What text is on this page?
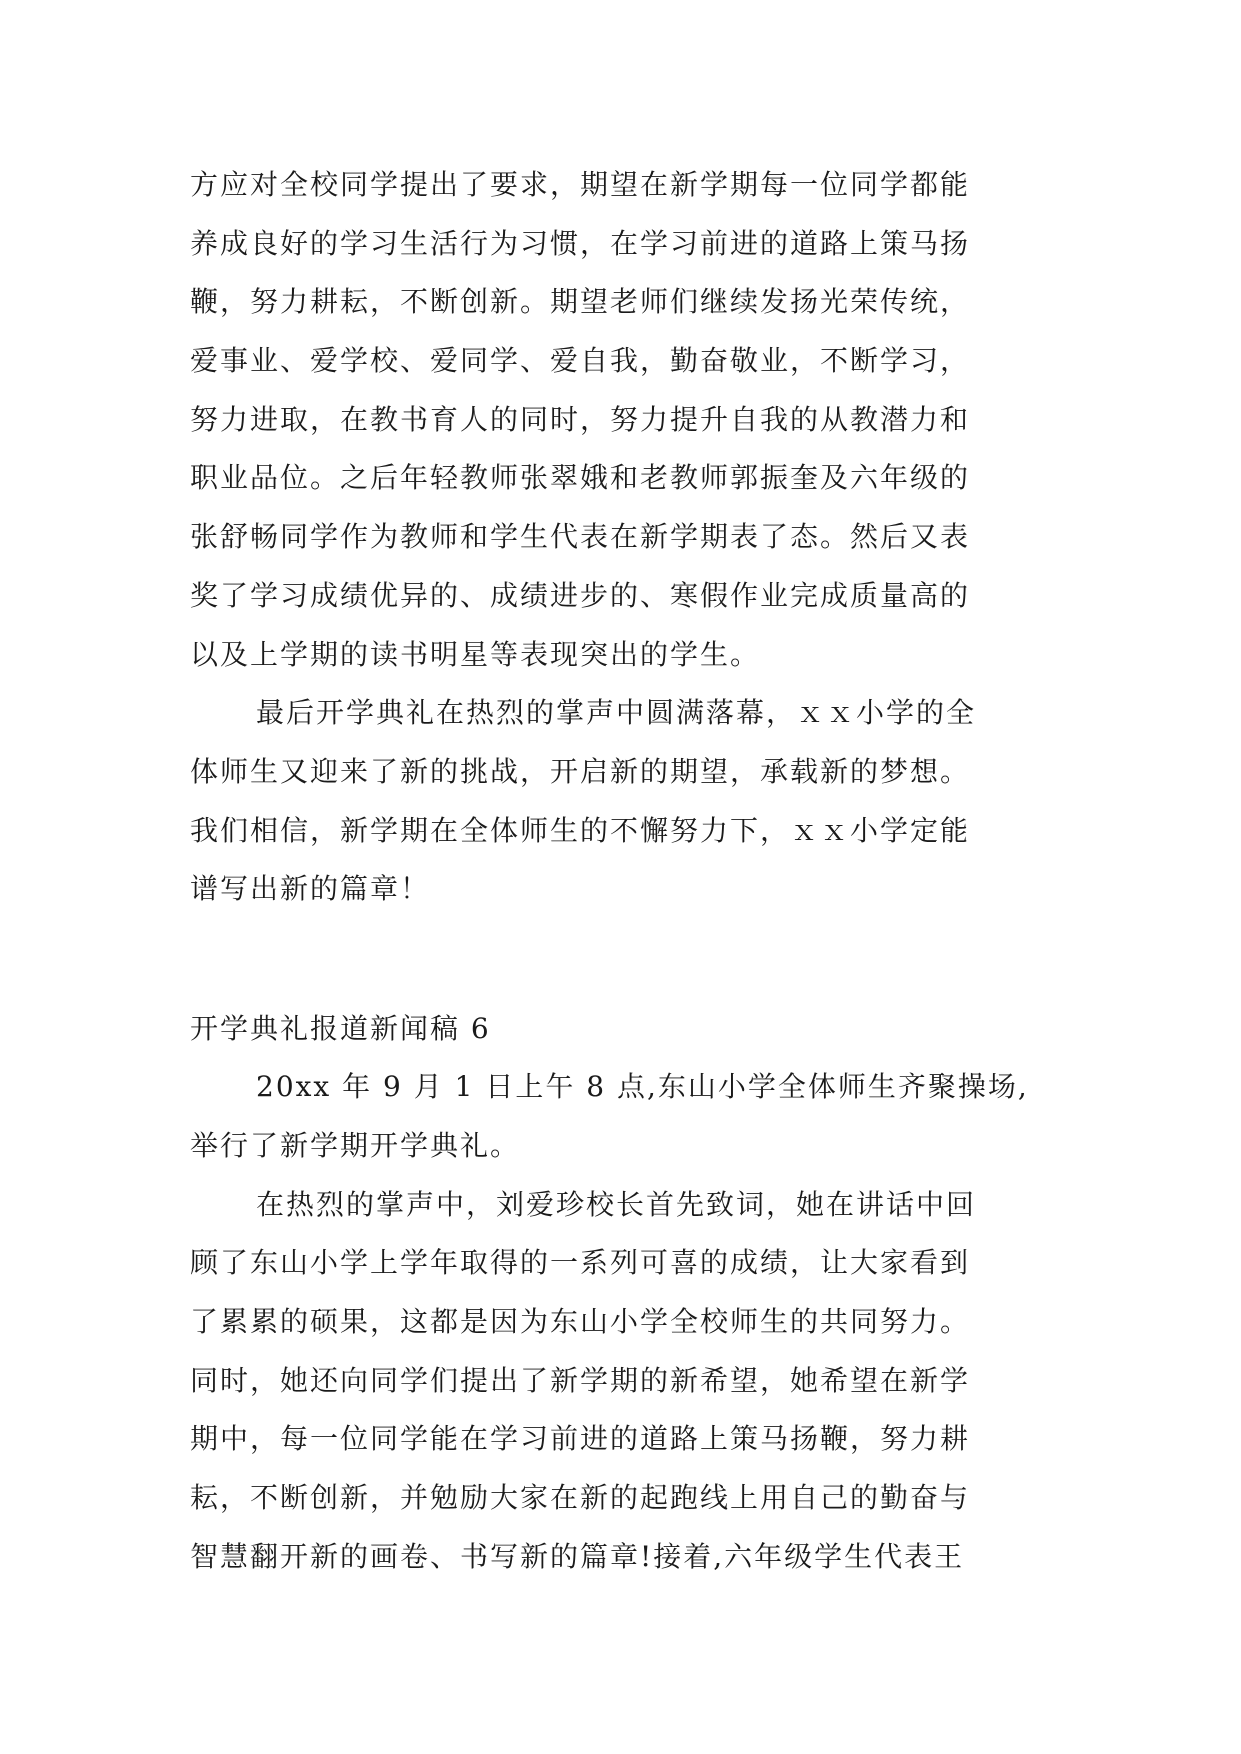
方应对全校同学提出了要求，期望在新学期每一位同学都能
养成良好的学习生活行为习惯，在学习前进的道路上策马扬
鞭，努力耕耘，不断创新。期望老师们继续发扬光荣传统，
爱事业、爱学校、爱同学、爱自我，勤奋敬业，不断学习，
努力进取，在教书育人的同时，努力提升自我的从教潜力和
职业品位。之后年轻教师张翠娥和老教师郭振奎及六年级的
张舒畅同学作为教师和学生代表在新学期表了态。然后又表
奖了学习成绩优异的、成绩进步的、寒假作业完成质量高的
以及上学期的读书明星等表现突出的学生。
最后开学典礼在热烈的掌声中圆满落幕，ｘｘ小学的全
体师生又迎来了新的挑战，开启新的期望，承载新的梦想。
我们相信，新学期在全体师生的不懈努力下，ｘｘ小学定能
谱写出新的篇章！
开学典礼报道新闻稿 6
20xx 年 9 月 1 日上午 8 点,东山小学全体师生齐聚操场,
举行了新学期开学典礼。
在热烈的掌声中，刘爱珍校长首先致词，她在讲话中回
顾了东山小学上学年取得的一系列可喜的成绩，让大家看到
了累累的硕果，这都是因为东山小学全校师生的共同努力。
同时，她还向同学们提出了新学期的新希望，她希望在新学
期中，每一位同学能在学习前进的道路上策马扬鞭，努力耕
耘，不断创新，并勉励大家在新的起跑线上用自己的勤奋与
智慧翻开新的画卷、书写新的篇章!接着,六年级学生代表王
